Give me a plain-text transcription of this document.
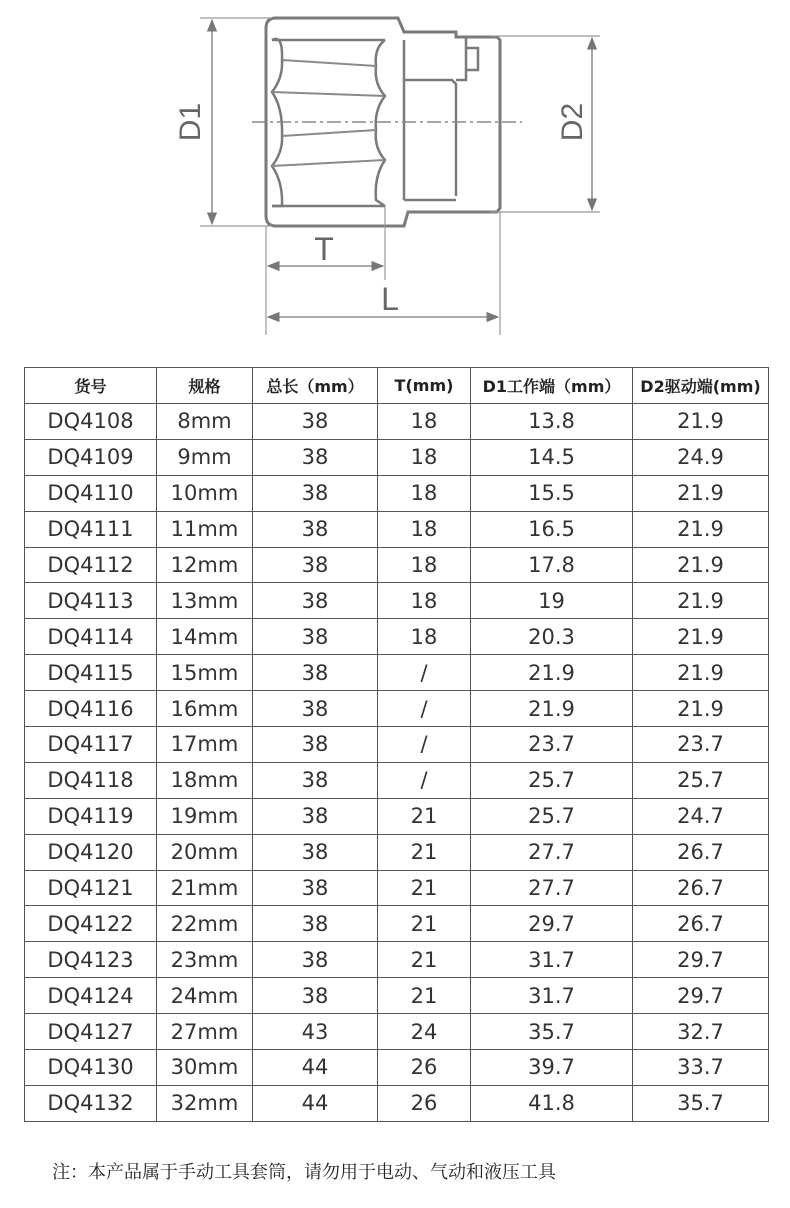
D1	D2
T
L
货号	规格	总长（mm）	T(mm)	D1工作端（mm）	D2驱动端(mm)
DQ4108	8mm	38	18	13.8	21.9
DQ4109	9mm	38	18	14.5	24.9
DQ4110	10mm	38	18	15.5	21.9
DQ4111	11mm	38	18	16.5	21.9
DQ4112	12mm	38	18	17.8	21.9
DQ4113	13mm	38	18	19	21.9
DQ4114	14mm	38	18	20.3	21.9
DQ4115	15mm	38	/	21.9	21.9
DQ4116	16mm	38	/	21.9	21.9
DQ4117	17mm	38	/	23.7	23.7
DQ4118	18mm	38	/	25.7	25.7
DQ4119	19mm	38	21	25.7	24.7
DQ4120	20mm	38	21	27.7	26.7
DQ4121	21mm	38	21	27.7	26.7
DQ4122	22mm	38	21	29.7	26.7
DQ4123	23mm	38	21	31.7	29.7
DQ4124	24mm	38	21	31.7	29.7
DQ4127	27mm	43	24	35.7	32.7
DQ4130	30mm	44	26	39.7	33.7
DQ4132	32mm	44	26	41.8	35.7
注：本产品属于手动工具套筒，请勿用于电动、气动和液压工具
